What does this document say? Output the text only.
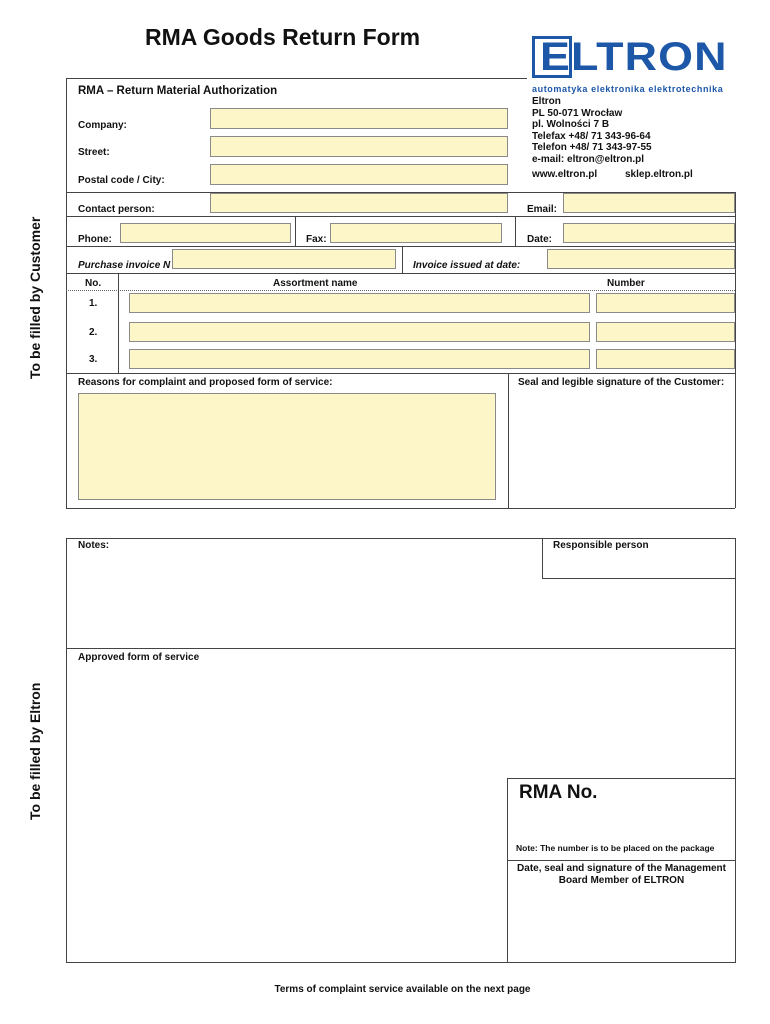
RMA Goods Return Form	ELTRON
automatyka elektronika elektrotechnika
Eltron
PL 50-071 Wrocław
pl. Wolności 7 B
Telefax +48/ 71 343-96-64
Telefon +48/ 71 343-97-55
e-mail: eltron@eltron.pl
www.eltron.pl	sklep.eltron.pl
To be filled by Customer
RMA – Return Material Authorization
Company:
Street:
Postal code / City:
Contact person:	Email:
Phone:	Fax:	Date:
Purchase invoice N	Invoice issued at date:
No.	Assortment name	Number
1.
2.
3.
Reasons for complaint and proposed form of service:	Seal and legible signature of the Customer:
To be filled by Eltron
Notes:	Responsible person
Approved form of service
RMA No.
Note: The number is to be placed on the package
Date, seal and signature of the Management
Board Member of ELTRON
Terms of complaint service available on the next page
